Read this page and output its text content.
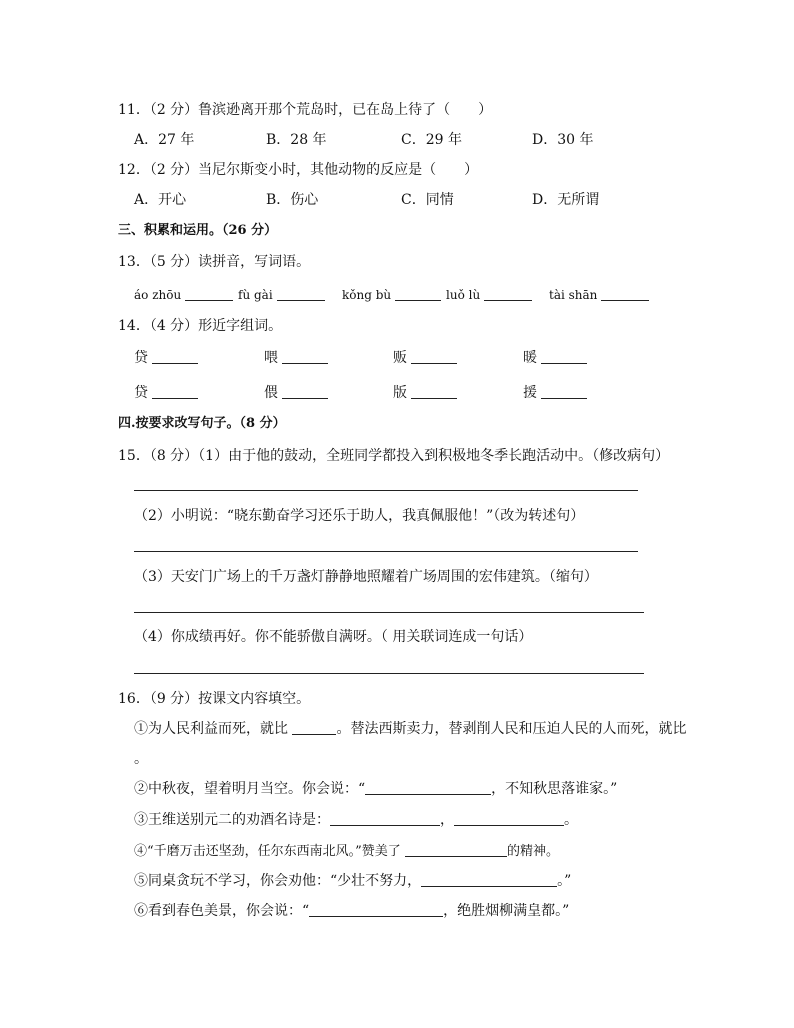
11．（2 分）鲁滨逊离开那个荒岛时，已在岛上待了（　　）
A．27 年	B．28 年	C．29 年	D．30 年
12．（2 分）当尼尔斯变小时，其他动物的反应是（　　）
A．开心	B．伤心	C．同情	D．无所谓
三、积累和运用。（26 分）
13．（5 分）读拼音，写词语。
áo zhōu	fù gài	kǒng bù	luǒ lù	tài shān
14．（4 分）形近字组词。
贷	喂	贩	暖
贷	偎	版	援
四.按要求改写句子。（8 分）
15．（8 分）（1）由于他的鼓动，全班同学都投入到积极地冬季长跑活动中。（修改病句）
（2）小明说：“晓东勤奋学习还乐于助人，我真佩服他！”（改为转述句）
（3）天安门广场上的千万盏灯静静地照耀着广场周围的宏伟建筑。（缩句）
（4）你成绩再好。你不能骄傲自满呀。（ 用关联词连成一句话）
16．（9 分）按课文内容填空。
①为人民利益而死，就比	。替法西斯卖力，替剥削人民和压迫人民的人而死，就比
。
②中秋夜，望着明月当空。你会说：“	，不知秋思落谁家。”
③王维送别元二的劝酒名诗是：	，	。
④“千磨万击还坚劲，任尔东西南北风。”赞美了	的精神。
⑤同桌贪玩不学习，你会劝他：“少壮不努力，	。”
⑥看到春色美景，你会说：“	，绝胜烟柳满皇都。”
